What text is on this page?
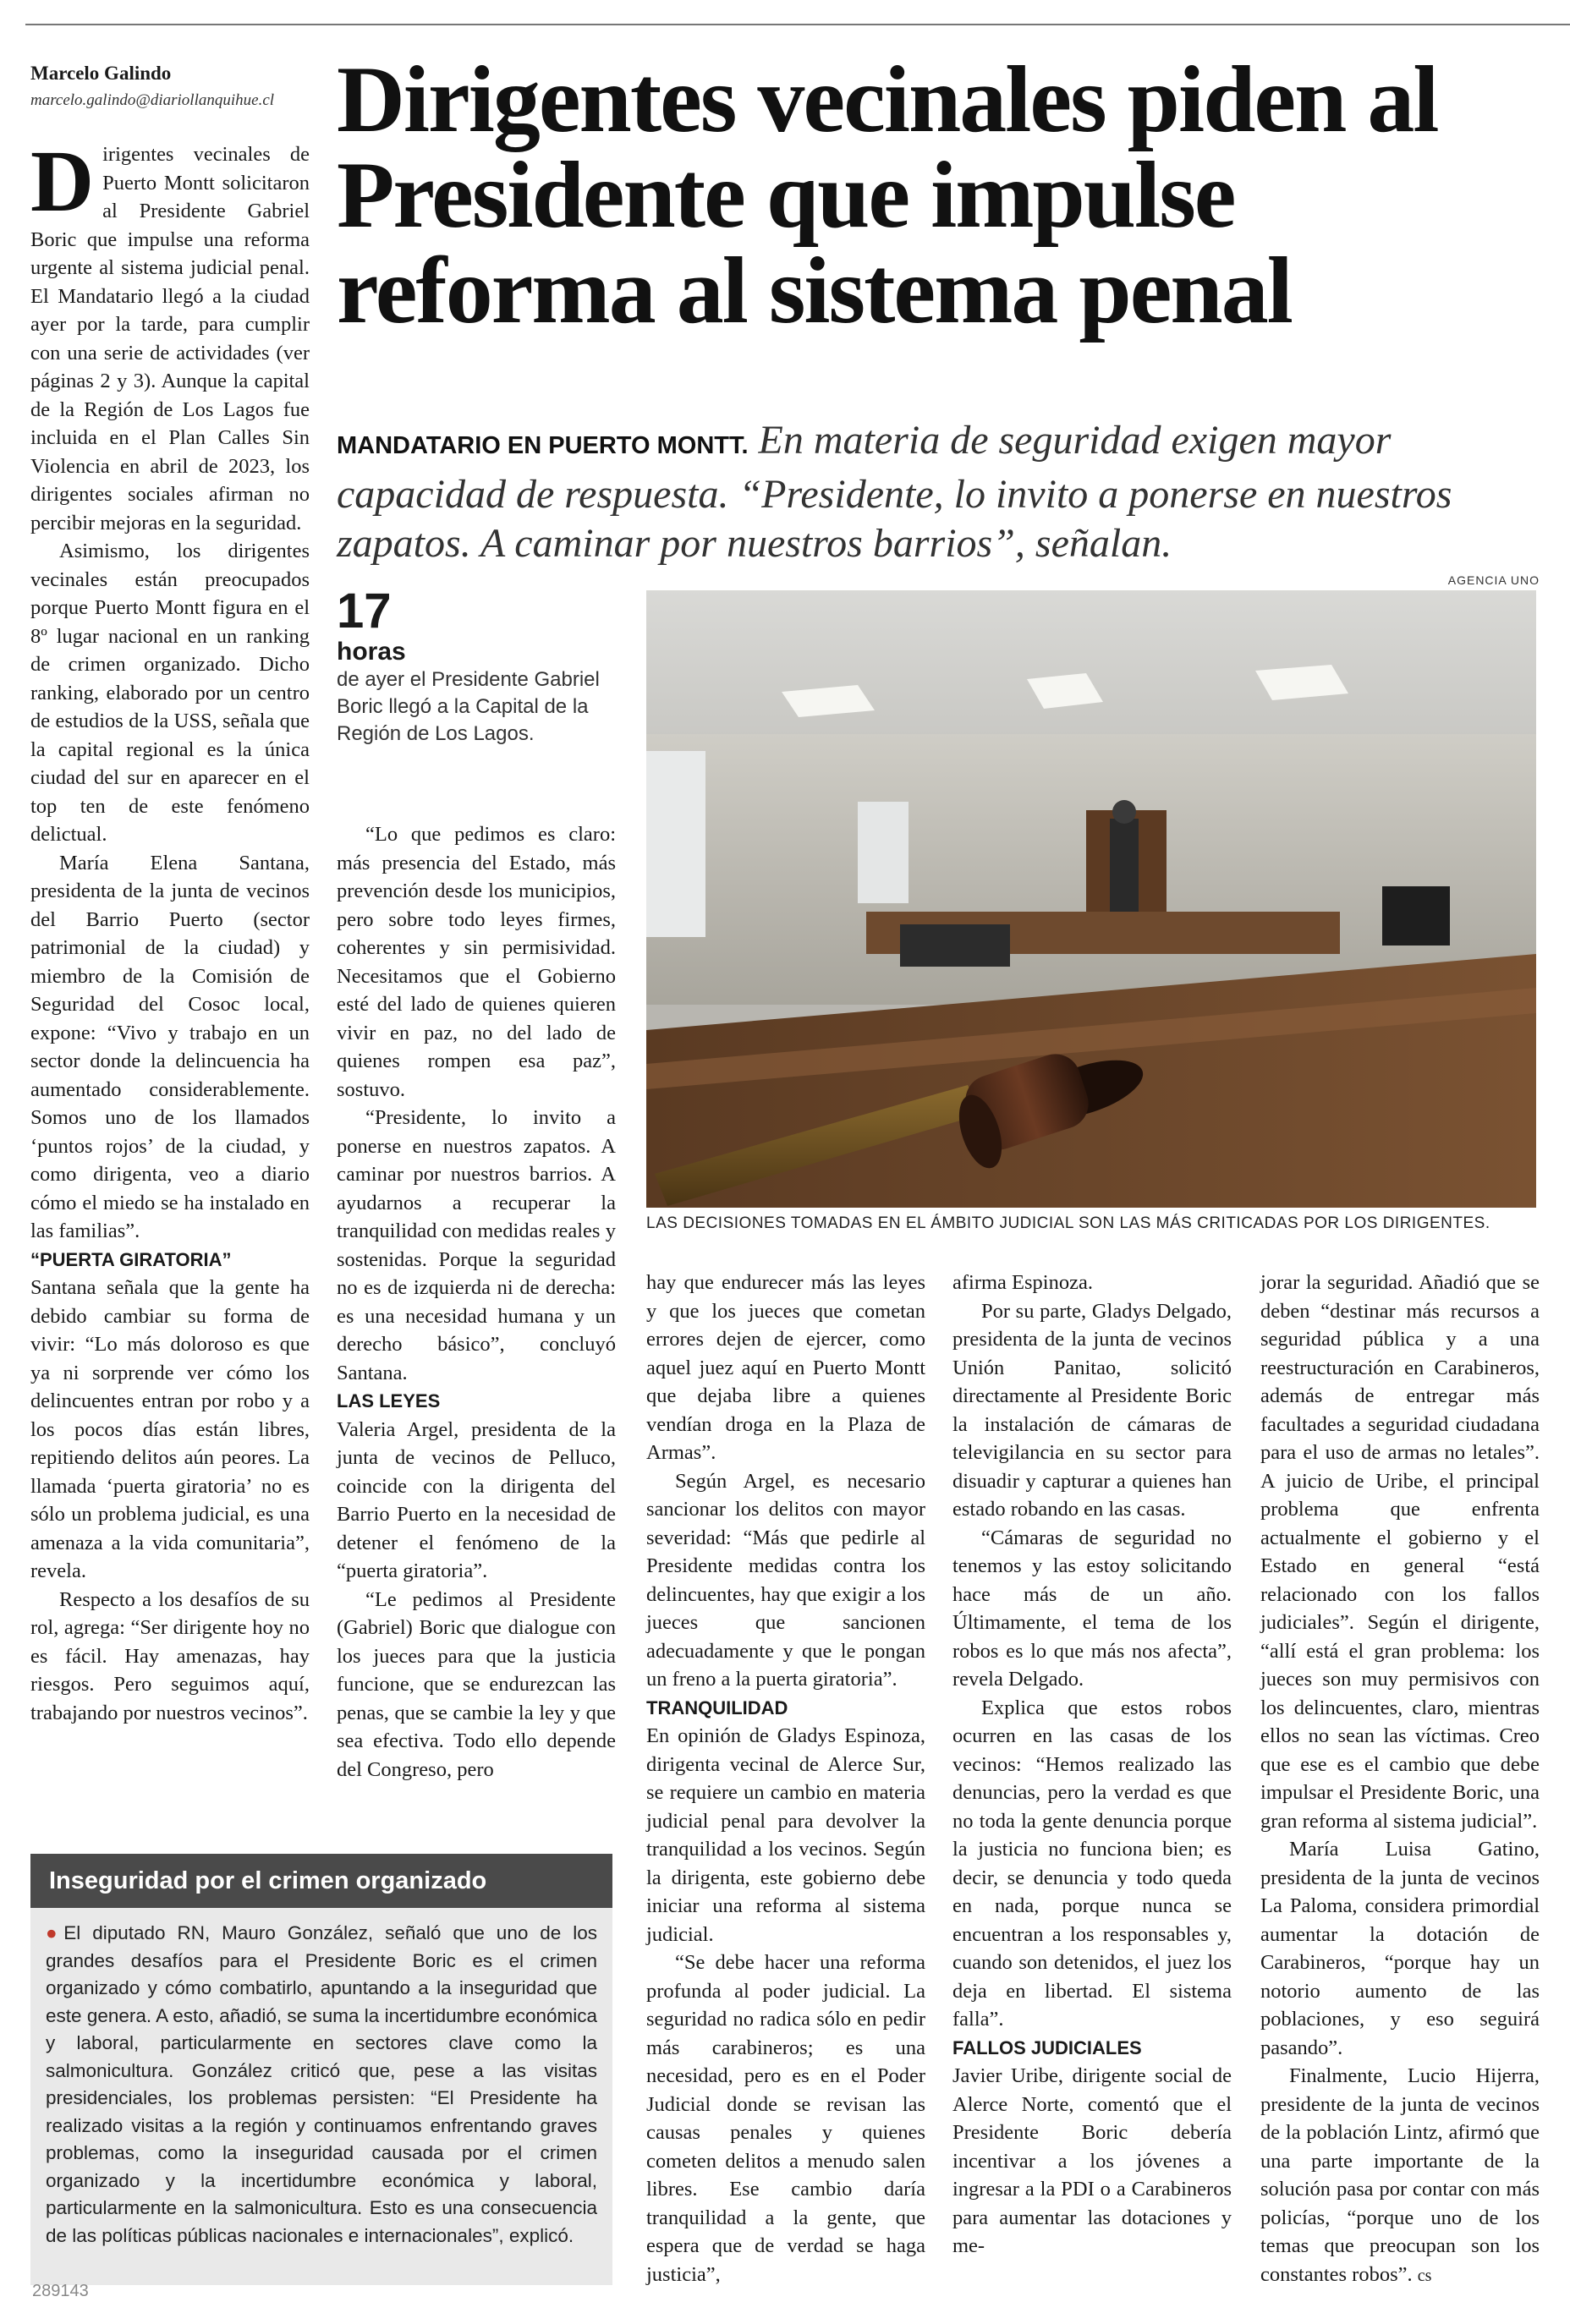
Marcelo Galindo
marcelo.galindo@diariollanquihue.cl Dirigentes vecinales piden al Presidente que impulse reforma al sistema penal
MANDATARIO EN PUERTO MONTT. En materia de seguridad exigen mayor capacidad de respuesta. “Presidente, lo invito a ponerse en nuestros zapatos. A caminar por nuestros barrios”, señalan.
AGENCIA UNO
LAS DECISIONES TOMADAS EN EL ÁMBITO JUDICIAL SON LAS MÁS CRITICADAS POR LOS DIRIGENTES.

Dirigentes vecinales de Puerto Montt solicitaron al Presidente Gabriel Boric que impulse una reforma urgente al sistema judicial penal. El Mandatario llegó a la ciudad ayer por la tarde, para cumplir con una serie de actividades (ver páginas 2 y 3). Aunque la capital de la Región de Los Lagos fue incluida en el Plan Calles Sin Violencia en abril de 2023, los dirigentes sociales afirman no percibir mejoras en la seguridad.

Asimismo, los dirigentes vecinales están preocupados porque Puerto Montt figura en el 8º lugar nacional en un ranking de crimen organizado. Dicho ranking, elaborado por un centro de estudios de la USS, señala que la capital regional es la única ciudad del sur en aparecer en el top ten de este fenómeno delictual.

María Elena Santana, presidenta de la junta de vecinos del Barrio Puerto (sector patrimonial de la ciudad) y miembro de la Comisión de Seguridad del Cosoc local, expone: “Vivo y trabajo en un sector donde la delincuencia ha aumentado considerablemente. Somos uno de los llamados ‘puntos rojos’ de la ciudad, y como dirigenta, veo a diario cómo el miedo se ha instalado en las familias”.

“PUERTA GIRATORIA”

Santana señala que la gente ha debido cambiar su forma de vivir: “Lo más doloroso es que ya ni sorprende ver cómo los delincuentes entran por robo y a los pocos días están libres, repitiendo delitos aún peores. La llamada ‘puerta giratoria’ no es sólo un problema judicial, es una amenaza a la vida comunitaria”, revela.

Respecto a los desafíos de su rol, agrega: “Ser dirigente hoy no es fácil. Hay amenazas, hay riesgos. Pero seguimos aquí, trabajando por nuestros vecinos”.

17
horas
de ayer el Presidente Gabriel Boric llegó a la Capital de la Región de Los Lagos.

“Lo que pedimos es claro: más presencia del Estado, más prevención desde los municipios, pero sobre todo leyes firmes, coherentes y sin permisividad. Necesitamos que el Gobierno esté del lado de quienes quieren vivir en paz, no del lado de quienes rompen esa paz”, sostuvo.

“Presidente, lo invito a ponerse en nuestros zapatos. A caminar por nuestros barrios. A ayudarnos a recuperar la tranquilidad con medidas reales y sostenidas. Porque la seguridad no es de izquierda ni de derecha: es una necesidad humana y un derecho básico”, concluyó Santana.

LAS LEYES

Valeria Argel, presidenta de la junta de vecinos de Pelluco, coincide con la dirigenta del Barrio Puerto en la necesidad de detener el fenómeno de la “puerta giratoria”.

“Le pedimos al Presidente (Gabriel) Boric que dialogue con los jueces para que la justicia funcione, que se endurezcan las penas, que se cambie la ley y que sea efectiva. Todo ello depende del Congreso, pero

hay que endurecer más las leyes y que los jueces que cometan errores dejen de ejercer, como aquel juez aquí en Puerto Montt que dejaba libre a quienes vendían droga en la Plaza de Armas”.

Según Argel, es necesario sancionar los delitos con mayor severidad: “Más que pedirle al Presidente medidas contra los delincuentes, hay que exigir a los jueces que sancionen adecuadamente y que le pongan un freno a la puerta giratoria”.

TRANQUILIDAD

En opinión de Gladys Espinoza, dirigenta vecinal de Alerce Sur, se requiere un cambio en materia judicial penal para devolver la tranquilidad a los vecinos. Según la dirigenta, este gobierno debe iniciar una reforma al sistema judicial.

“Se debe hacer una reforma profunda al poder judicial. La seguridad no radica sólo en pedir más carabineros; es una necesidad, pero es en el Poder Judicial donde se revisan las causas penales y quienes cometen delitos a menudo salen libres. Ese cambio daría tranquilidad a la gente, que espera que de verdad se haga justicia”,

afirma Espinoza.

Por su parte, Gladys Delgado, presidenta de la junta de vecinos Unión Panitao, solicitó directamente al Presidente Boric la instalación de cámaras de televigilancia en su sector para disuadir y capturar a quienes han estado robando en las casas.

“Cámaras de seguridad no tenemos y las estoy solicitando hace más de un año. Últimamente, el tema de los robos es lo que más nos afecta”, revela Delgado.

Explica que estos robos ocurren en las casas de los vecinos: “Hemos realizado las denuncias, pero la verdad es que no toda la gente denuncia porque la justicia no funciona bien; es decir, se denuncia y todo queda en nada, porque nunca se encuentran a los responsables y, cuando son detenidos, el juez los deja en libertad. El sistema falla”.

FALLOS JUDICIALES

Javier Uribe, dirigente social de Alerce Norte, comentó que el Presidente Boric debería incentivar a los jóvenes a ingresar a la PDI o a Carabineros para aumentar las dotaciones y me-

jorar la seguridad. Añadió que se deben “destinar más recursos a seguridad pública y a una reestructuración en Carabineros, además de entregar más facultades a seguridad ciudadana para el uso de armas no letales”. A juicio de Uribe, el principal problema que enfrenta actualmente el gobierno y el Estado en general “está relacionado con los fallos judiciales”. Según el dirigente, “allí está el gran problema: los jueces son muy permisivos con los delincuentes, claro, mientras ellos no sean las víctimas. Creo que ese es el cambio que debe impulsar el Presidente Boric, una gran reforma al sistema judicial”.

María Luisa Gatino, presidenta de la junta de vecinos La Paloma, considera primordial aumentar la dotación de Carabineros, “porque hay un notorio aumento de las poblaciones, y eso seguirá pasando”.

Finalmente, Lucio Hijerra, presidente de la junta de vecinos de la población Lintz, afirmó que una parte importante de la solución pasa por contar con más policías, “porque uno de los temas que preocupan son los constantes robos”. cs

Inseguridad por el crimen organizado
●El diputado RN, Mauro González, señaló que uno de los grandes desafíos para el Presidente Boric es el crimen organizado y cómo combatirlo, apuntando a la inseguridad que este genera. A esto, añadió, se suma la incertidumbre económica y laboral, particularmente en sectores clave como la salmonicultura. González criticó que, pese a las visitas presidenciales, los problemas persisten: “El Presidente ha realizado visitas a la región y continuamos enfrentando graves problemas, como la inseguridad causada por el crimen organizado y la incertidumbre económica y laboral, particularmente en la salmonicultura. Esto es una consecuencia de las políticas públicas nacionales e internacionales”, explicó.
289143
